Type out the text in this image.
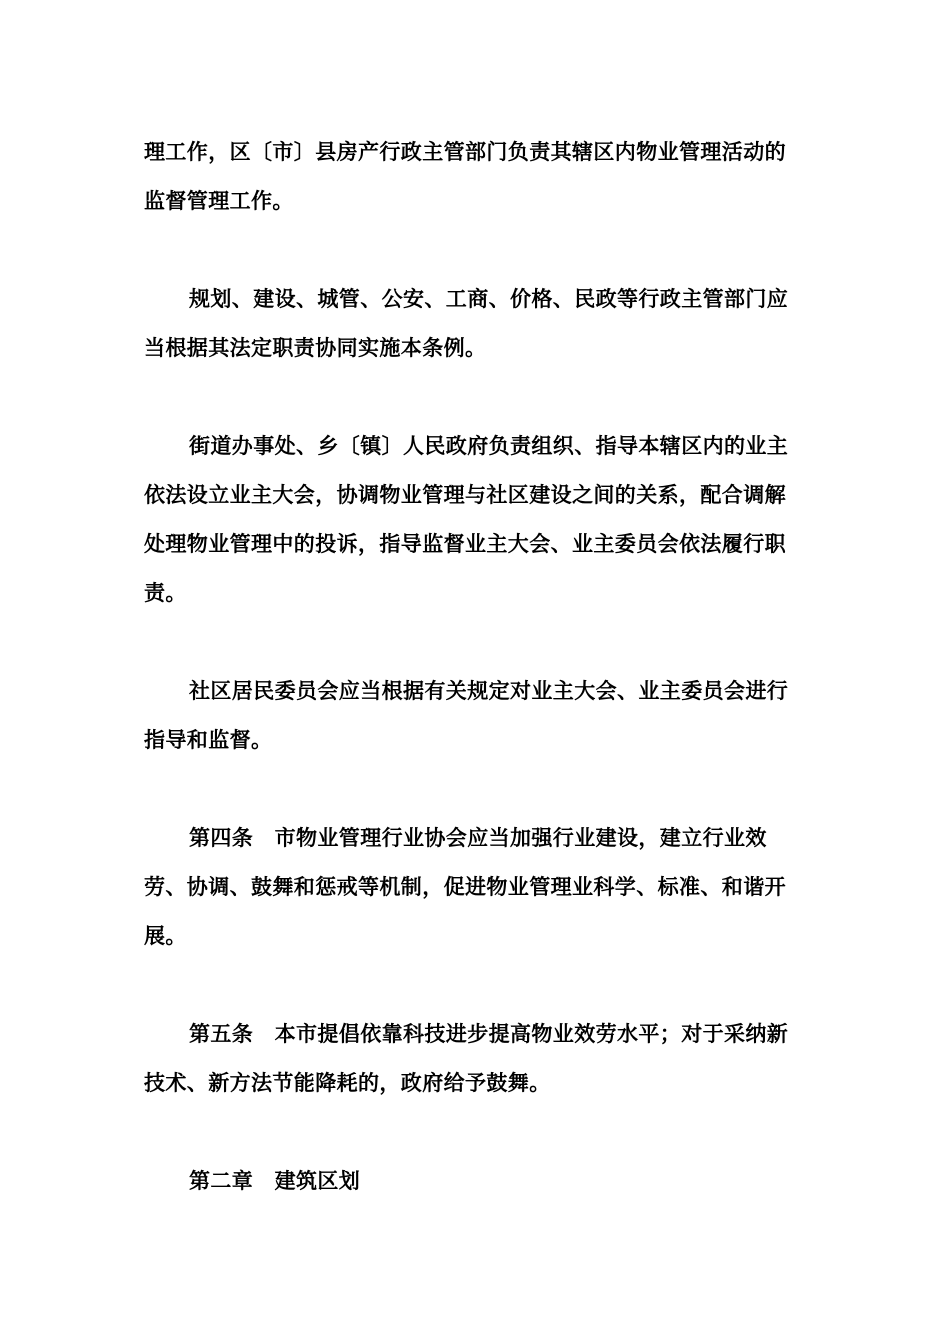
理工作，区〔市〕县房产行政主管部门负责其辖区内物业管理活动的监督管理工作。

规划、建设、城管、公安、工商、价格、民政等行政主管部门应当根据其法定职责协同实施本条例。

街道办事处、乡〔镇〕人民政府负责组织、指导本辖区内的业主依法设立业主大会，协调物业管理与社区建设之间的关系，配合调解处理物业管理中的投诉，指导监督业主大会、业主委员会依法履行职责。

社区居民委员会应当根据有关规定对业主大会、业主委员会进行指导和监督。

第四条　市物业管理行业协会应当加强行业建设，建立行业效劳、协调、鼓舞和惩戒等机制，促进物业管理业科学、标准、和谐开展。

第五条　本市提倡依靠科技进步提高物业效劳水平；对于采纳新技术、新方法节能降耗的，政府给予鼓舞。

第二章　建筑区划
